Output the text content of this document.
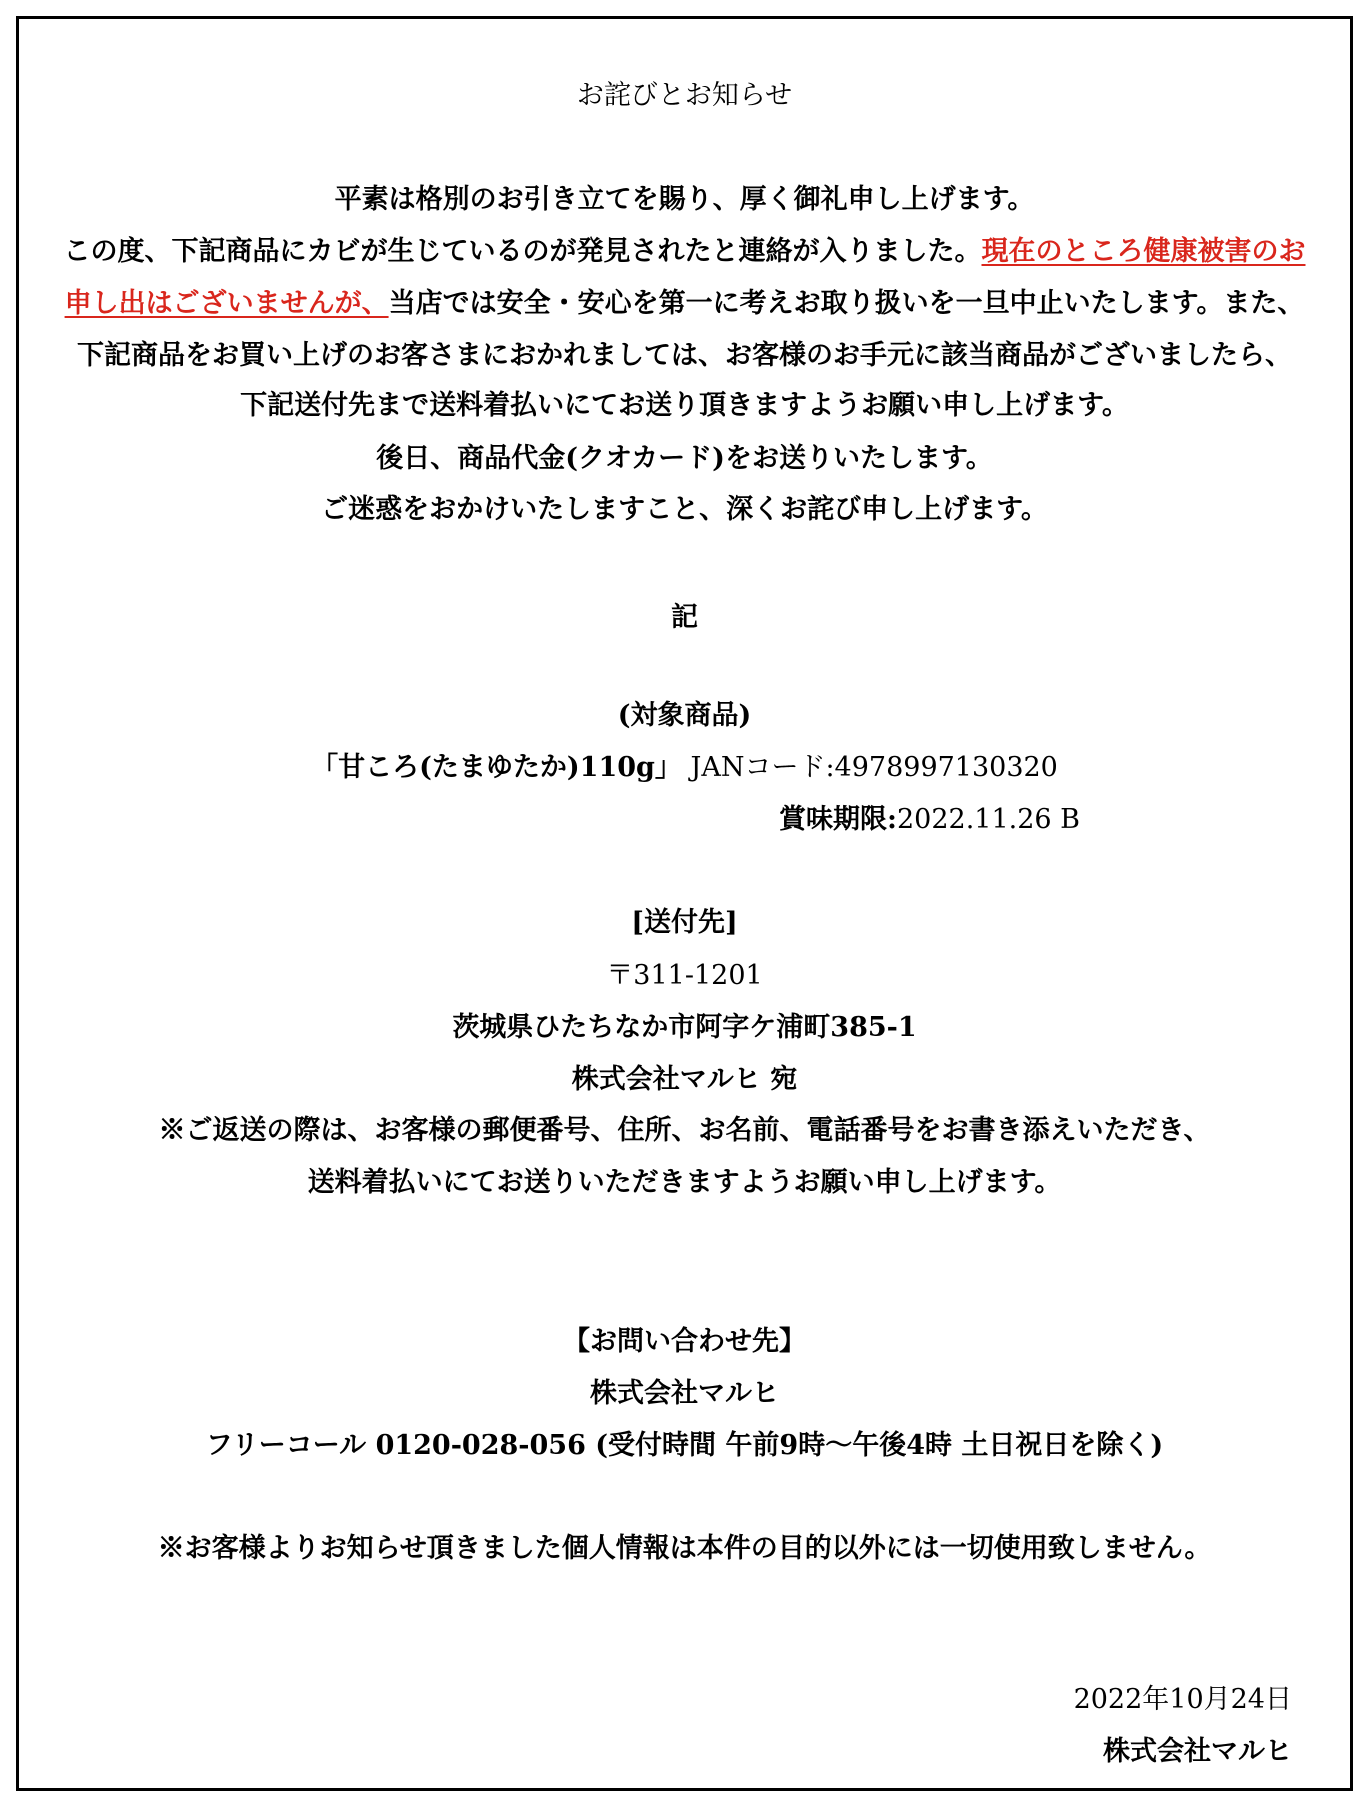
お詫びとお知らせ
平素は格別のお引き立てを賜り、厚く御礼申し上げます。
この度、下記商品にカビが生じているのが発見されたと連絡が入りました。現在のところ健康被害のお
申し出はございませんが、当店では安全・安心を第一に考えお取り扱いを一旦中止いたします。また、
下記商品をお買い上げのお客さまにおかれましては、お客様のお手元に該当商品がございましたら、
下記送付先まで送料着払いにてお送り頂きますようお願い申し上げます。
後日、商品代金(クオカード)をお送りいたします。
ご迷惑をおかけいたしますこと、深くお詫び申し上げます。
記
(対象商品)
「甘ころ(たまゆたか)110g」 JANコード:4978997130320
賞味期限:2022.11.26 B
[送付先]
〒311-1201
茨城県ひたちなか市阿字ケ浦町385-1
株式会社マルヒ 宛
※ご返送の際は、お客様の郵便番号、住所、お名前、電話番号をお書き添えいただき、
送料着払いにてお送りいただきますようお願い申し上げます。
【お問い合わせ先】
株式会社マルヒ
フリーコール 0120-028-056 (受付時間 午前9時～午後4時 土日祝日を除く)
※お客様よりお知らせ頂きました個人情報は本件の目的以外には一切使用致しません。
2022年10月24日
株式会社マルヒ
